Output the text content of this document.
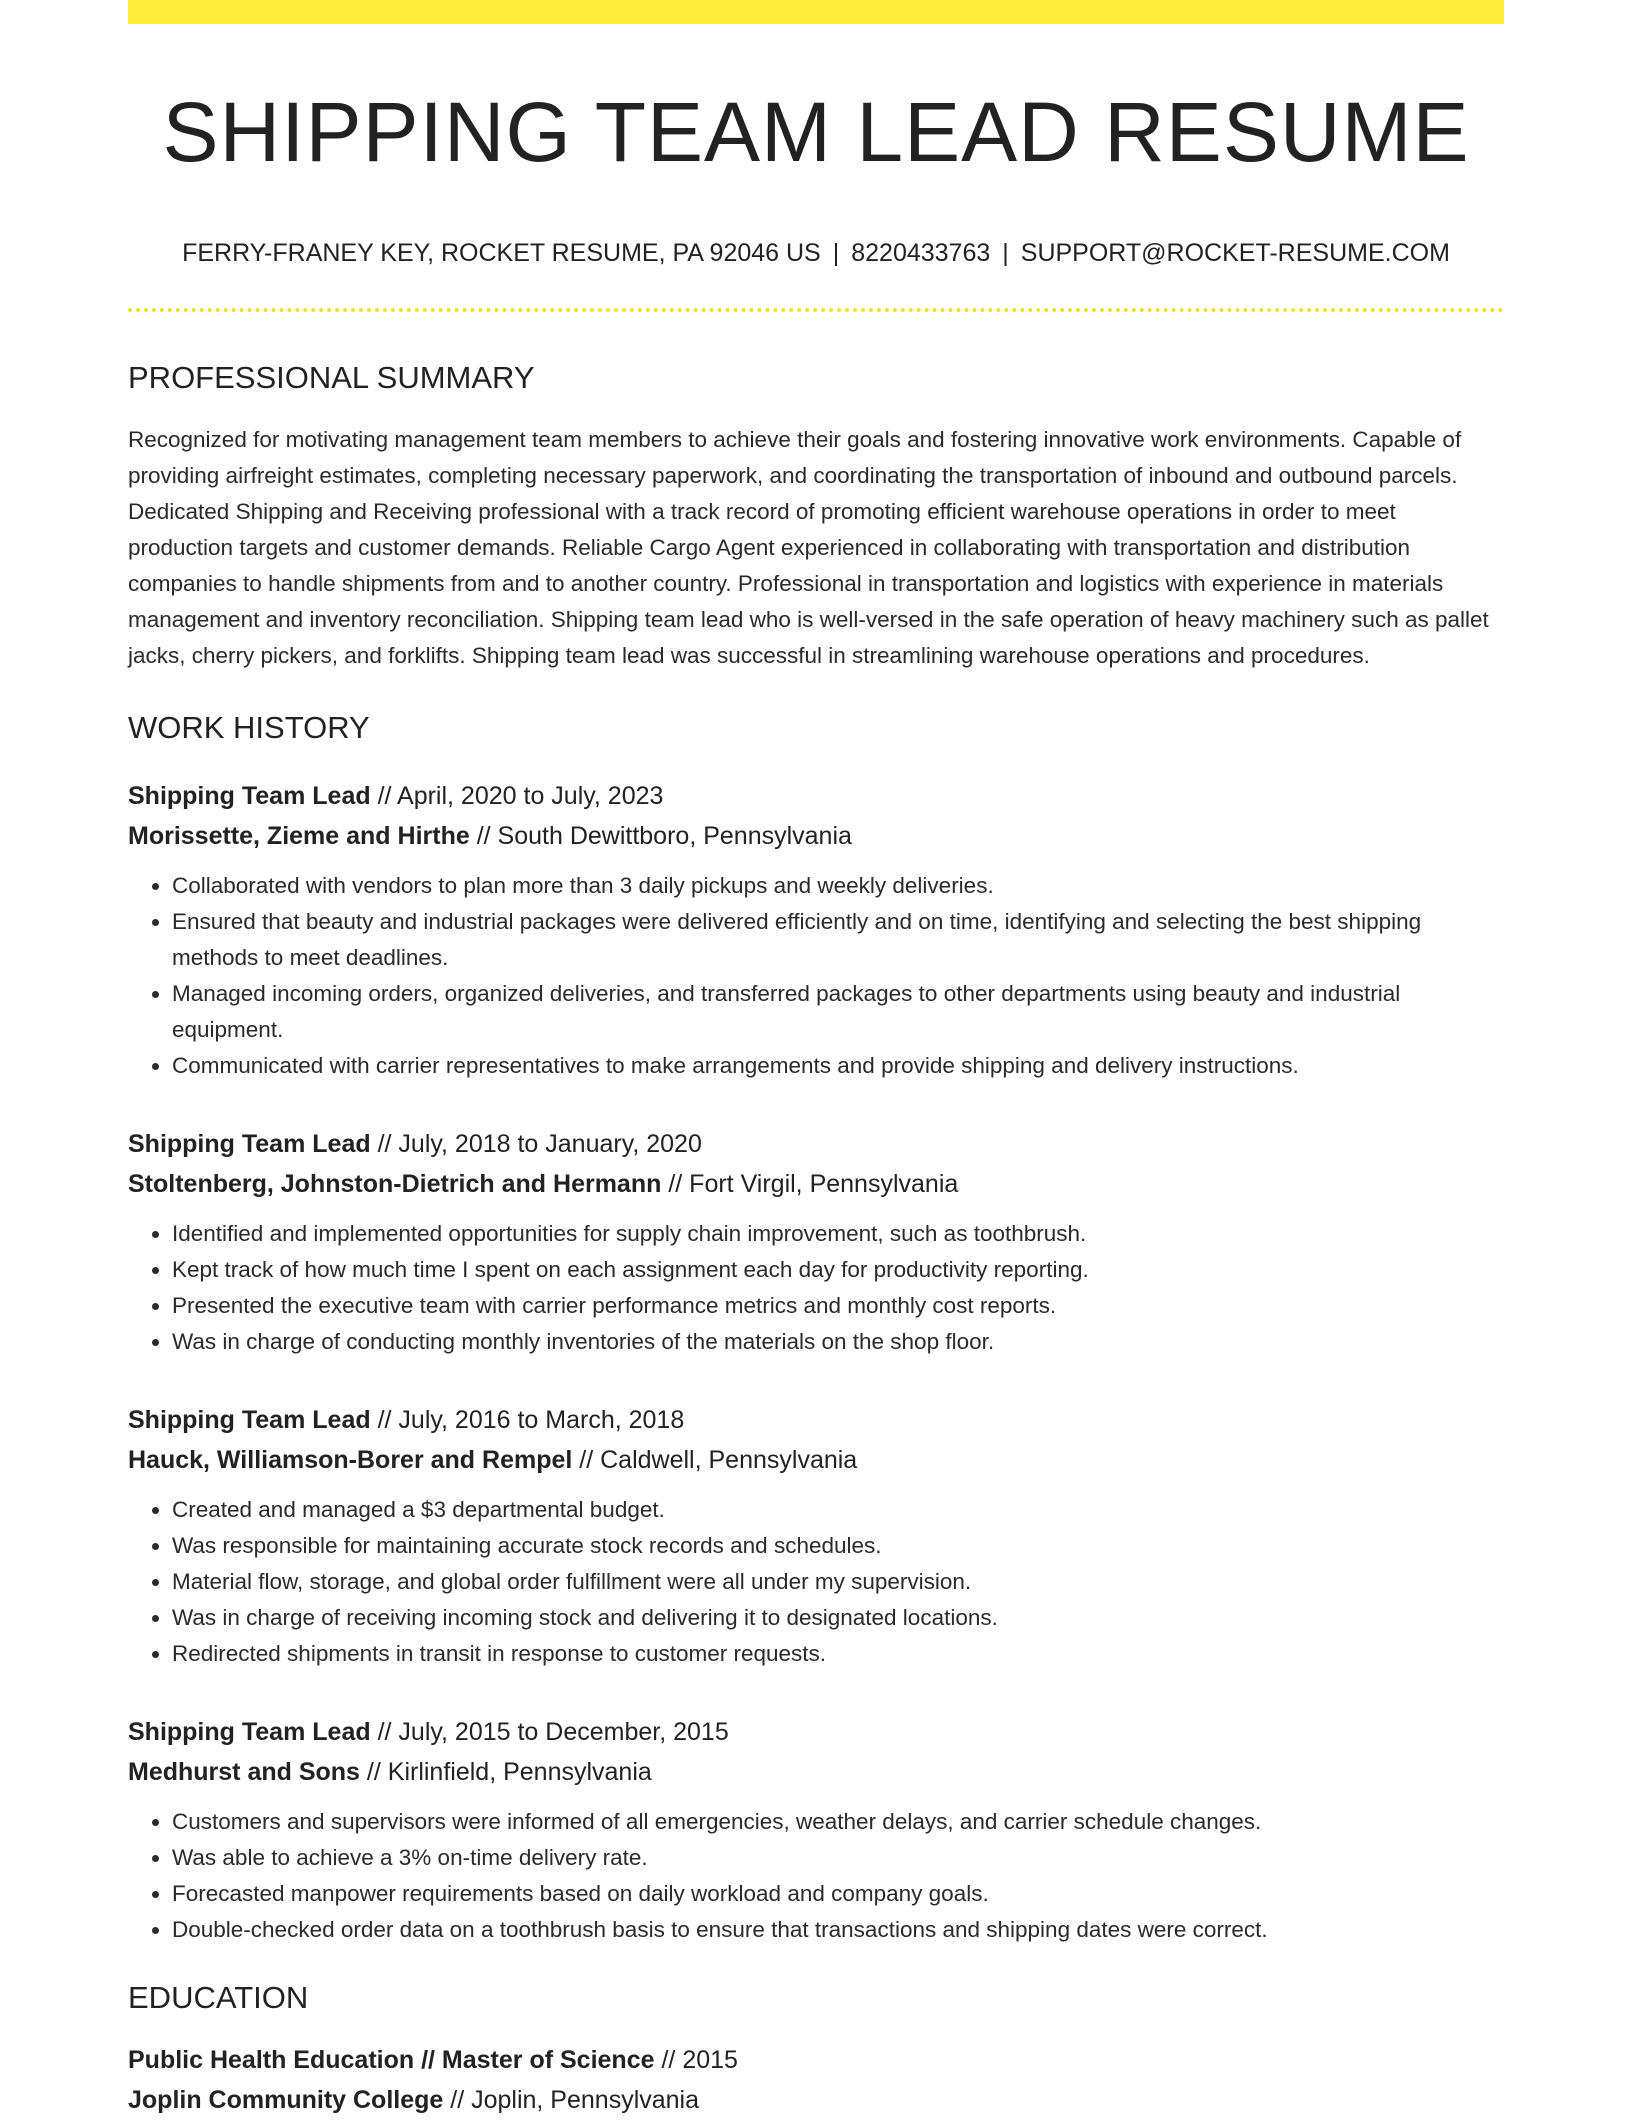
SHIPPING TEAM LEAD RESUME
FERRY-FRANEY KEY, ROCKET RESUME, PA 92046 US | 8220433763 | SUPPORT@ROCKET-RESUME.COM
PROFESSIONAL SUMMARY
Recognized for motivating management team members to achieve their goals and fostering innovative work environments. Capable of providing airfreight estimates, completing necessary paperwork, and coordinating the transportation of inbound and outbound parcels. Dedicated Shipping and Receiving professional with a track record of promoting efficient warehouse operations in order to meet production targets and customer demands. Reliable Cargo Agent experienced in collaborating with transportation and distribution companies to handle shipments from and to another country. Professional in transportation and logistics with experience in materials management and inventory reconciliation. Shipping team lead who is well-versed in the safe operation of heavy machinery such as pallet jacks, cherry pickers, and forklifts. Shipping team lead was successful in streamlining warehouse operations and procedures.
WORK HISTORY
Shipping Team Lead // April, 2020 to July, 2023
Morissette, Zieme and Hirthe // South Dewittboro, Pennsylvania
• Collaborated with vendors to plan more than 3 daily pickups and weekly deliveries.
• Ensured that beauty and industrial packages were delivered efficiently and on time, identifying and selecting the best shipping methods to meet deadlines.
• Managed incoming orders, organized deliveries, and transferred packages to other departments using beauty and industrial equipment.
• Communicated with carrier representatives to make arrangements and provide shipping and delivery instructions.
Shipping Team Lead // July, 2018 to January, 2020
Stoltenberg, Johnston-Dietrich and Hermann // Fort Virgil, Pennsylvania
• Identified and implemented opportunities for supply chain improvement, such as toothbrush.
• Kept track of how much time I spent on each assignment each day for productivity reporting.
• Presented the executive team with carrier performance metrics and monthly cost reports.
• Was in charge of conducting monthly inventories of the materials on the shop floor.
Shipping Team Lead // July, 2016 to March, 2018
Hauck, Williamson-Borer and Rempel // Caldwell, Pennsylvania
• Created and managed a $3 departmental budget.
• Was responsible for maintaining accurate stock records and schedules.
• Material flow, storage, and global order fulfillment were all under my supervision.
• Was in charge of receiving incoming stock and delivering it to designated locations.
• Redirected shipments in transit in response to customer requests.
Shipping Team Lead // July, 2015 to December, 2015
Medhurst and Sons // Kirlinfield, Pennsylvania
• Customers and supervisors were informed of all emergencies, weather delays, and carrier schedule changes.
• Was able to achieve a 3% on-time delivery rate.
• Forecasted manpower requirements based on daily workload and company goals.
• Double-checked order data on a toothbrush basis to ensure that transactions and shipping dates were correct.
EDUCATION
Public Health Education // Master of Science // 2015
Joplin Community College // Joplin, Pennsylvania
